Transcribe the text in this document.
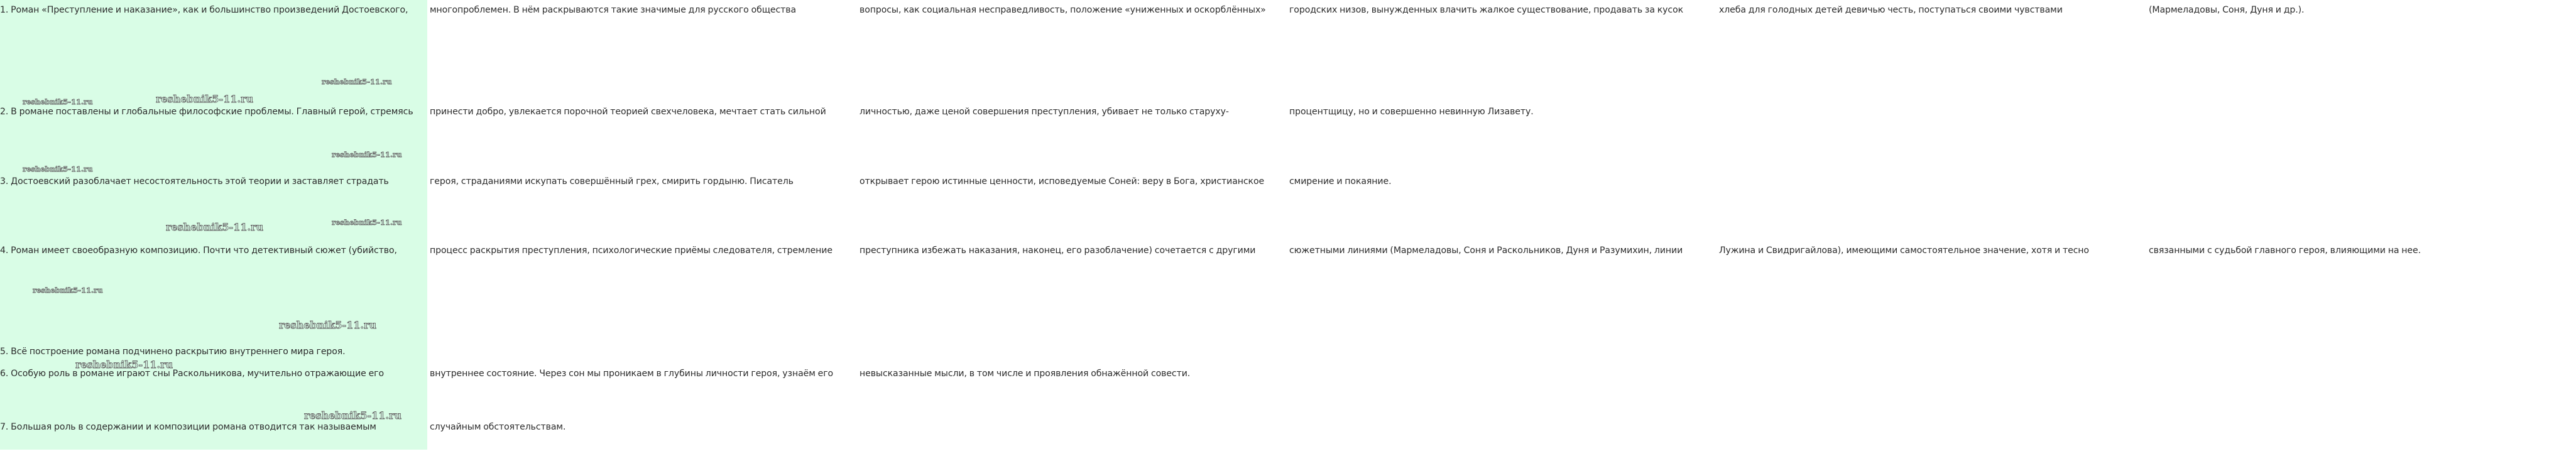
1. Роман «Преступление и наказание», как и большинство произведений Достоевского, многопроблемен. В нём раскрываются такие значимые для русского общества	вопросы, как социальная несправедливость, положение «униженных и оскорблённых»	городских низов, вынужденных влачить жалкое существование, продавать за кусок	хлеба для голодных детей девичью честь, поступаться своими чувствами	(Мармеладовы, Соня, Дуня и др.).
2. В романе поставлены и глобальные философские проблемы. Главный герой, стремясь принести добро, увлекается порочной теорией свехчеловека, мечтает стать сильной	личностью, даже ценой совершения преступления, убивает не только старуху-	процентщицу, но и совершенно невинную Лизавету.
3. Достоевский разоблачает несостоятельность этой теории и заставляет страдать	героя, страданиями искупать совершённый грех, смирить гордыню. Писатель	открывает герою истинные ценности, исповедуемые Соней: веру в Бога, христианское	смирение и покаяние.
4. Роман имеет своеобразную композицию. Почти что детективный сюжет (убийство,	процесс раскрытия преступления, психологические приёмы следователя, стремление	преступника избежать наказания, наконец, его разоблачение) сочетается с другими	сюжетными линиями (Мармеладовы, Соня и Раскольников, Дуня и Разумихин, линии	Лужина и Свидригайлова), имеющими самостоятельное значение, хотя и тесно	связанными с судьбой главного героя, влияющими на нее.
5. Всё построение романа подчинено раскрытию внутреннего мира героя.
6. Особую роль в романе играют сны Раскольникова, мучительно отражающие его	внутреннее состояние. Через сон мы проникаем в глубины личности героя, узнаём его	невысказанные мысли, в том числе и проявления обнажённой совести.
7. Большая роль в содержании и композиции романа отводится так называемым	случайным обстоятельствам.
reshebnik5-11.ru
reshebnik5-11.ru	reshebnik5-11.ru
reshebnik5-11.ru
reshebnik5-11.ru
reshebnik5-11.ru	reshebnik5-11.ru
reshebnik5-11.ru
reshebnik5-11.ru
reshebnik5-11.ru
reshebnik5-11.ru
